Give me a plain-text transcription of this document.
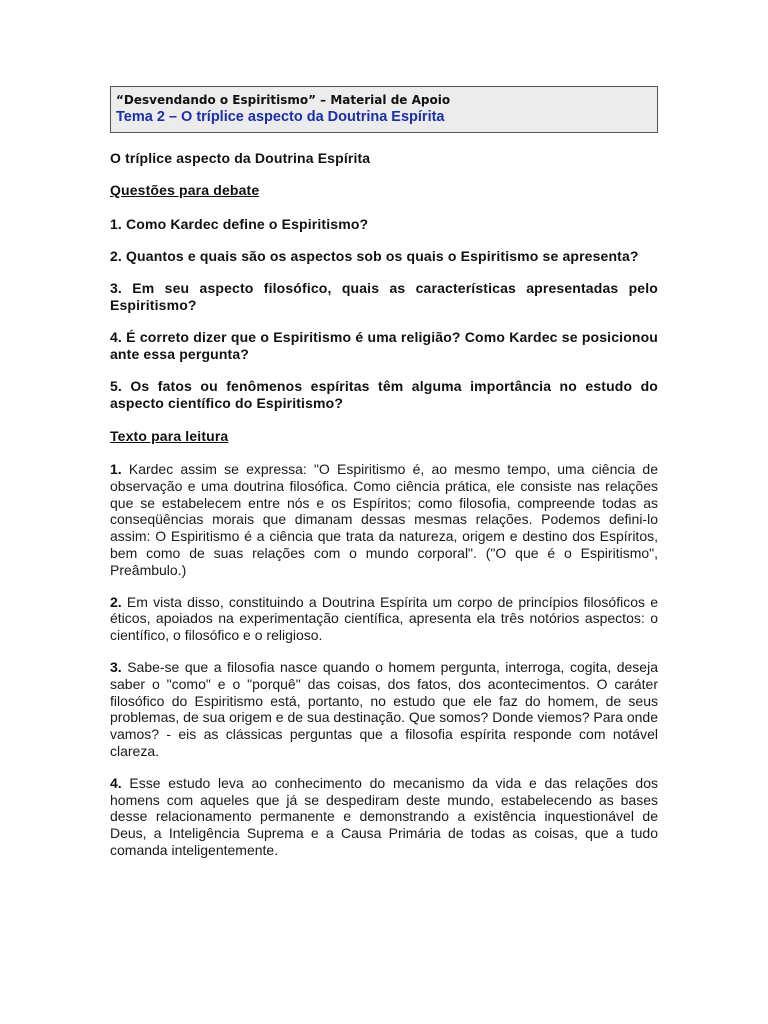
“Desvendando o Espiritismo” – Material de Apoio
Tema 2 – O tríplice aspecto da Doutrina Espírita
O tríplice aspecto da Doutrina Espírita
Questões para debate
1. Como Kardec define o Espiritismo?
2. Quantos e quais são os aspectos sob os quais o Espiritismo se apresenta?
3. Em seu aspecto filosófico, quais as características apresentadas pelo Espiritismo?
4. É correto dizer que o Espiritismo é uma religião? Como Kardec se posicionou ante essa pergunta?
5. Os fatos ou fenômenos espíritas têm alguma importância no estudo do aspecto científico do Espiritismo?
Texto para leitura
1. Kardec assim se expressa: "O Espiritismo é, ao mesmo tempo, uma ciência de observação e uma doutrina filosófica. Como ciência prática, ele consiste nas relações que se estabelecem entre nós e os Espíritos; como filosofia, compreende todas as conseqüências morais que dimanam dessas mesmas relações. Podemos defini-lo assim: O Espiritismo é a ciência que trata da natureza, origem e destino dos Espíritos, bem como de suas relações com o mundo corporal". ("O que é o Espiritismo", Preâmbulo.)
2. Em vista disso, constituindo a Doutrina Espírita um corpo de princípios filosóficos e éticos, apoiados na experimentação científica, apresenta ela três notórios aspectos: o científico, o filosófico e o religioso.
3. Sabe-se que a filosofia nasce quando o homem pergunta, interroga, cogita, deseja saber o "como" e o "porquê" das coisas, dos fatos, dos acontecimentos. O caráter filosófico do Espiritismo está, portanto, no estudo que ele faz do homem, de seus problemas, de sua origem e de sua destinação. Que somos? Donde viemos? Para onde vamos? - eis as clássicas perguntas que a filosofia espírita responde com notável clareza.
4. Esse estudo leva ao conhecimento do mecanismo da vida e das relações dos homens com aqueles que já se despediram deste mundo, estabelecendo as bases desse relacionamento permanente e demonstrando a existência inquestionável de Deus, a Inteligência Suprema e a Causa Primária de todas as coisas, que a tudo comanda inteligentemente.
